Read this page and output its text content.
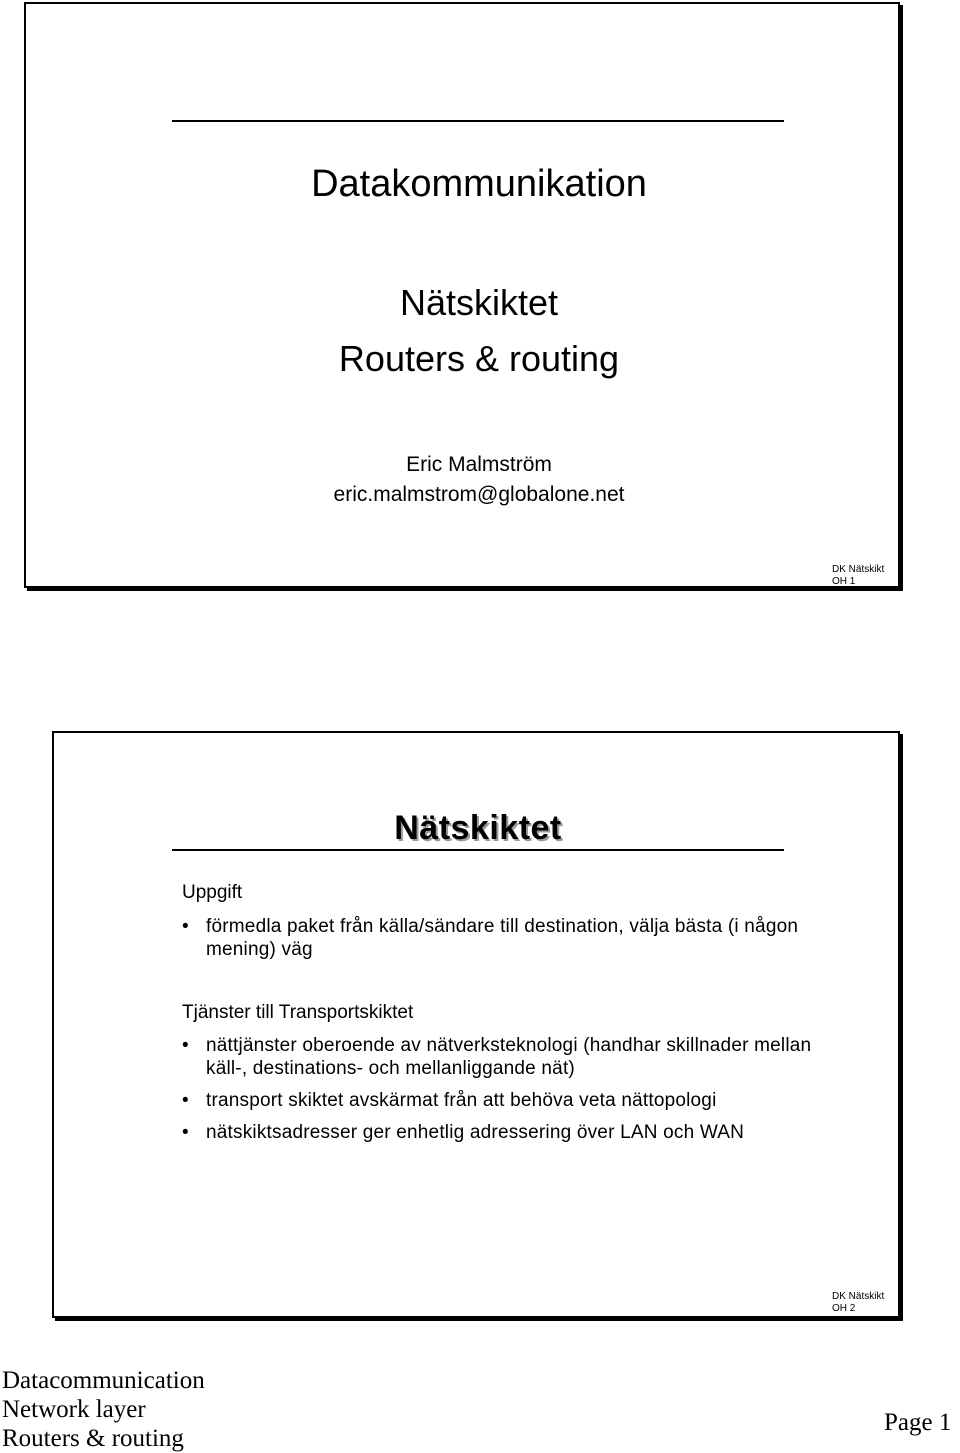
Datakommunikation
Nätskiktet
Routers & routing
Eric Malmström
eric.malmstrom@globalone.net
DK Nätskikt
OH 1
Nätskiktet
Uppgift
• förmedla paket från källa/sändare till destination, välja bästa (i någon mening) väg
Tjänster till Transportskiktet
• nättjänster oberoende av nätverksteknologi (handhar skillnader mellan käll-, destinations- och mellanliggande nät)
• transport skiktet avskärmat från att behöva veta nättopologi
• nätskiktsadresser ger enhetlig adressering över LAN och WAN
DK Nätskikt
OH 2
Datacommunication
Network layer
Routers & routing
Page 1
